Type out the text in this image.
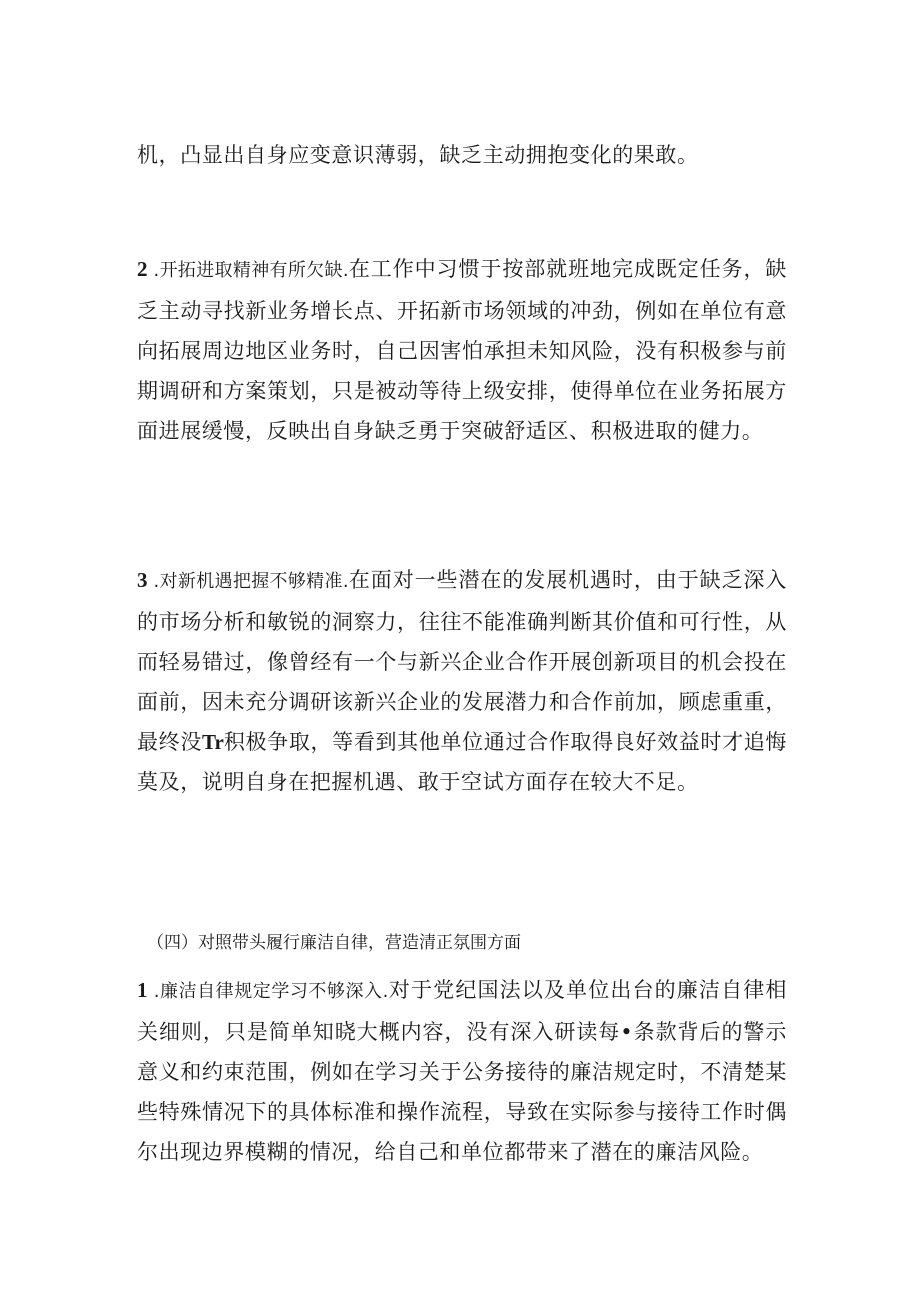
机，凸显出自身应变意识薄弱，缺乏主动拥抱变化的果敢。

2 .开拓进取精神有所欠缺.在工作中习惯于按部就班地完成既定任务，缺乏主动寻找新业务增长点、开拓新市场领域的冲劲，例如在单位有意向拓展周边地区业务时，自己因害怕承担未知风险，没有积极参与前期调研和方案策划，只是被动等待上级安排，使得单位在业务拓展方面进展缓慢，反映出自身缺乏勇于突破舒适区、积极进取的健力。

3 .对新机遇把握不够精准.在面对一些潜在的发展机遇时，由于缺乏深入的市场分析和敏锐的洞察力，往往不能准确判断其价值和可行性，从而轻易错过，像曾经有一个与新兴企业合作开展创新项目的机会投在面前，因未充分调研该新兴企业的发展潜力和合作前加，顾虑重重，最终没Tr积极争取，等看到其他单位通过合作取得良好效益时才追悔莫及，说明自身在把握机遇、敢于空试方面存在较大不足。

（四）对照带头履行廉洁自律，营造清正氛围方面

1 .廉洁自律规定学习不够深入.对于党纪国法以及单位出台的廉洁自律相关细则，只是简单知晓大概内容，没有深入研读每•条款背后的警示意义和约束范围，例如在学习关于公务接待的廉洁规定时，不清楚某些特殊情况下的具体标准和操作流程，导致在实际参与接待工作时偶尔出现边界模糊的情况，给自己和单位都带来了潜在的廉洁风险。
